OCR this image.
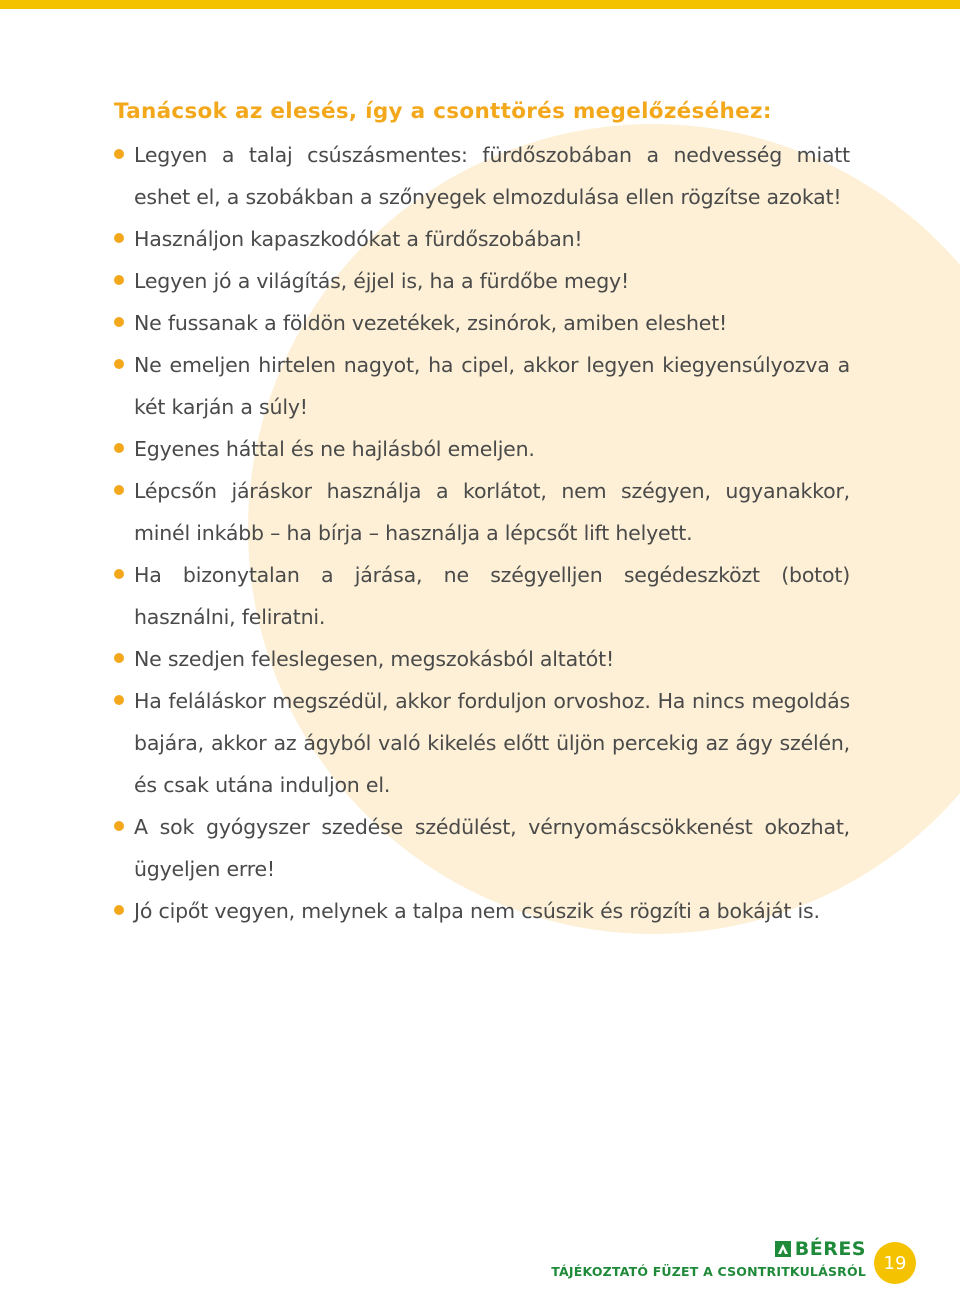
Tanácsok az elesés, így a csonttörés megelőzéséhez:
Legyen a talaj csúszásmentes: fürdőszobában a nedvesség miatt eshet el, a szobákban a szőnyegek elmozdulása ellen rögzítse azokat!
Használjon kapaszkodókat a fürdőszobában!
Legyen jó a világítás, éjjel is, ha a fürdőbe megy!
Ne fussanak a földön vezetékek, zsinórok, amiben eleshet!
Ne emeljen hirtelen nagyot, ha cipel, akkor legyen kiegyensúlyozva a két karján a súly!
Egyenes háttal és ne hajlásból emeljen.
Lépcsőn járáskor használja a korlátot, nem szégyen, ugyanakkor, minél inkább – ha bírja – használja a lépcsőt lift helyett.
Ha bizonytalan a járása, ne szégyelljen segédeszközt (botot) használni, feliratni.
Ne szedjen feleslegesen, megszokásból altatót!
Ha feláláskor megszédül, akkor forduljon orvoshoz. Ha nincs megoldás bajára, akkor az ágyból való kikelés előtt üljön percekig az ágy szélén, és csak utána induljon el.
A sok gyógyszer szedése szédülést, vérnyomáscsökkenést okozhat, ügyeljen erre!
Jó cipőt vegyen, melynek a talpa nem csúszik és rögzíti a bokáját is.
BÉRES
TÁJÉKOZTATÓ FÜZET A CSONTRITKULÁSRÓL 19
